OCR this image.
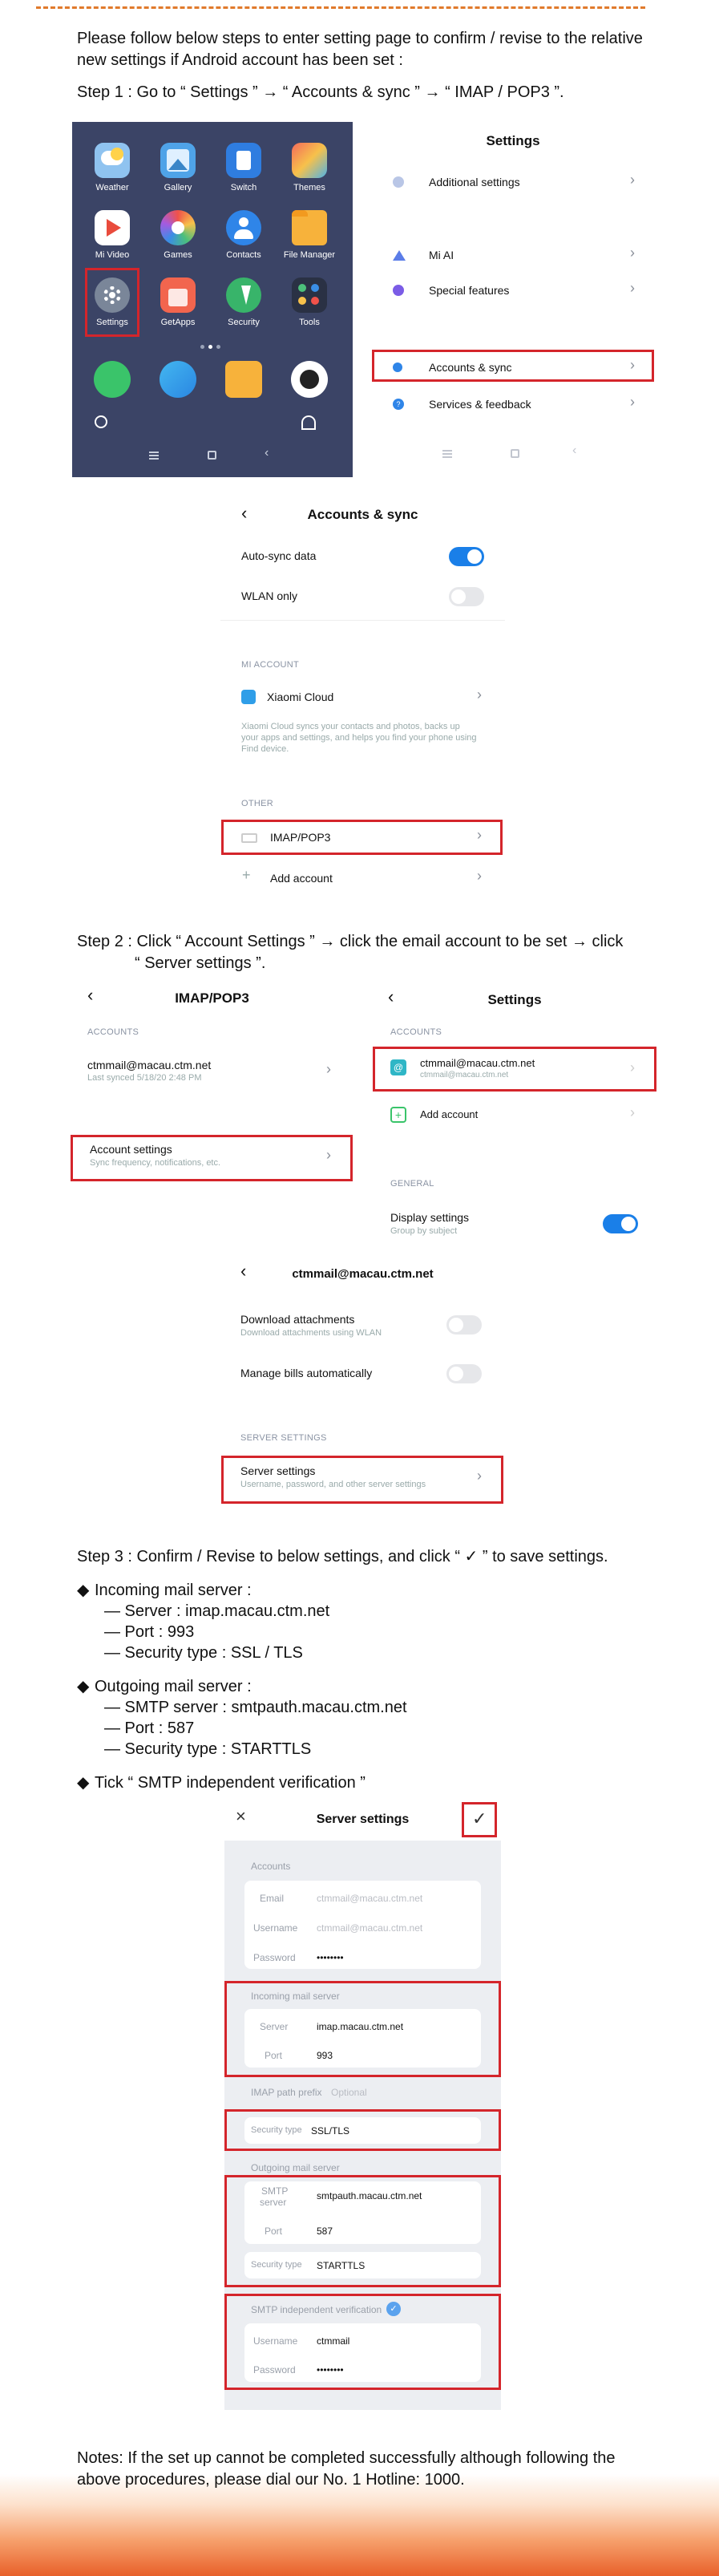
Please follow below steps to enter setting page to confirm / revise to the relative
new settings if Android account has been set :
Step 1 : Go to “ Settings ” → “ Accounts & sync ” → “ IMAP / POP3 ”.
Weather	Gallery	Switch	Themes
Mi Video	Games	Contacts	File Manager
Settings	GetApps	Security	Tools
‹
Settings
Additional settings	›
Mi AI	›
Special features	›
Accounts & sync	›
?	Services & feedback	›
‹
‹	Accounts & sync
Auto-sync data
WLAN only
MI ACCOUNT
Xiaomi Cloud	›
Xiaomi Cloud syncs your contacts and photos, backs up
your apps and settings, and helps you find your phone using
Find device.
OTHER
IMAP/POP3	›
+ Add account	›
Step 2 : Click “ Account Settings ” → click the email account to be set → click
“ Server settings ”.
‹	IMAP/POP3
ACCOUNTS
ctmmail@macau.ctm.net
Last synced 5/18/20 2:48 PM
›
Account settings
Sync frequency, notifications, etc.	›
‹	Settings
ACCOUNTS
@	ctmmail@macau.ctm.net
ctmmail@macau.ctm.net	›
+	Add account	›
GENERAL
Display settings
Group by subject
‹	ctmmail@macau.ctm.net
Download attachments
Download attachments using WLAN
Manage bills automatically
SERVER SETTINGS
Server settings
Username, password, and other server settings
›
Step 3 : Confirm / Revise to below settings, and click “ ✓ ” to save settings.
◆ Incoming mail server :
— Server : imap.macau.ctm.net
— Port : 993
— Security type : SSL / TLS
◆ Outgoing mail server :
— SMTP server : smtpauth.macau.ctm.net
— Port : 587
— Security type : STARTTLS
◆ Tick “ SMTP independent verification ”
×	Server settings	✓
Accounts
Email	ctmmail@macau.ctm.net
Username ctmmail@macau.ctm.net
Password ••••••••
Incoming mail server
Server	imap.macau.ctm.net
Port	993
IMAP path prefix Optional
Security type SSL/TLS
Outgoing mail server
SMTP
server
smtpauth.macau.ctm.net
Port	587
Security type STARTTLS
SMTP independent verification ✓
Username ctmmail
Password ••••••••
Notes: If the set up cannot be completed successfully although following the
above procedures, please dial our No. 1 Hotline: 1000.
